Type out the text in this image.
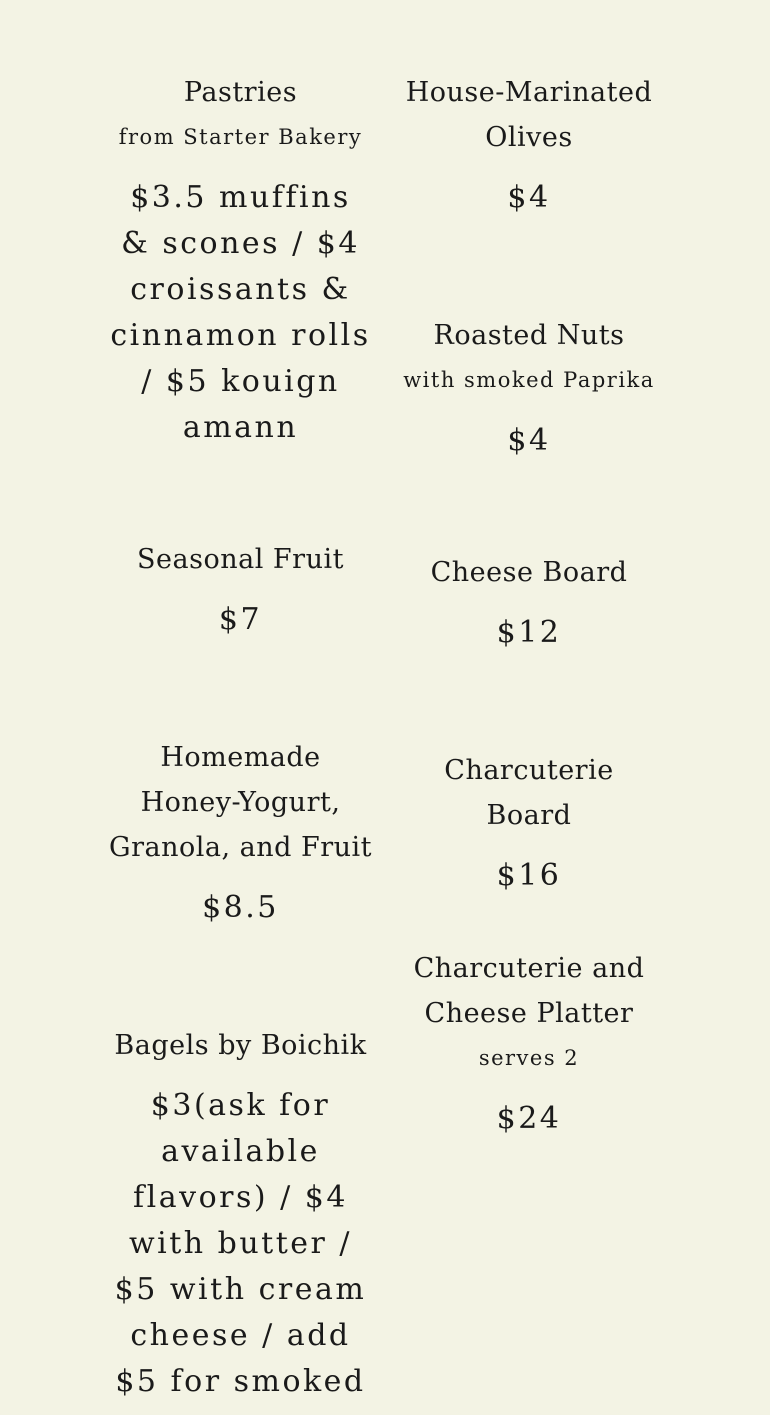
Pastries
from Starter Bakery
$3.5 muffins & scones / $4 croissants & cinnamon rolls / $5 kouign amann
Seasonal Fruit
$7
Homemade Honey-Yogurt, Granola, and Fruit
$8.5
Bagels by Boichik
$3(ask for available flavors) / $4 with butter / $5 with cream cheese / add $5 for smoked
House-Marinated Olives
$4
Roasted Nuts
with smoked Paprika
$4
Cheese Board
$12
Charcuterie Board
$16
Charcuterie and Cheese Platter
serves 2
$24
